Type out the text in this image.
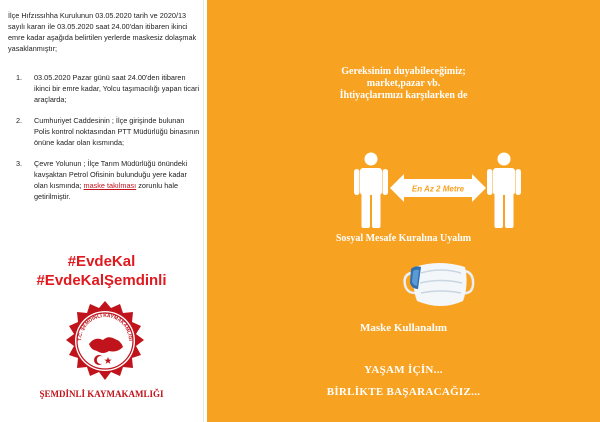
İlçe Hıfzıssıhha Kurulunun 03.05.2020 tarih ve 2020/13 sayılı kararı ile 03.05.2020 saat 24.00'dan itibaren ikinci emre kadar aşağıda belirtilen yerlerde maskesiz dolaşmak yasaklanmıştır;
1. 03.05.2020 Pazar günü saat 24.00'den itibaren ikinci bir emre kadar, Yolcu taşımacılığı yapan ticari araçlarda;
2. Cumhuriyet Caddesinin ; İlçe girişinde bulunan Polis kontrol noktasından PTT Müdürlüğü binasının önüne kadar olan kısmında;
3. Çevre Yolunun ; İlçe Tarım Müdürlüğü önündeki kavşaktan Petrol Ofisinin bulunduğu yere kadar olan kısmında; maske takılması zorunlu hale getirilmiştir.
#EvdeKal
#EvdeKalŞemdinli
T.C. ŞEMDİNLİ KAYMAKAMLIĞI
ŞEMDİNLİ KAYMAKAMLIĞI
Gereksinim duyabileceğimiz;
market,pazar vb.
İhtiyaçlarımızı karşılarken de
En Az 2 Metre
Sosyal Mesafe Kuralına Uyalım
Maske Kullanalım
YAŞAM İÇİN...
BİRLİKTE BAŞARACAĞIZ...
